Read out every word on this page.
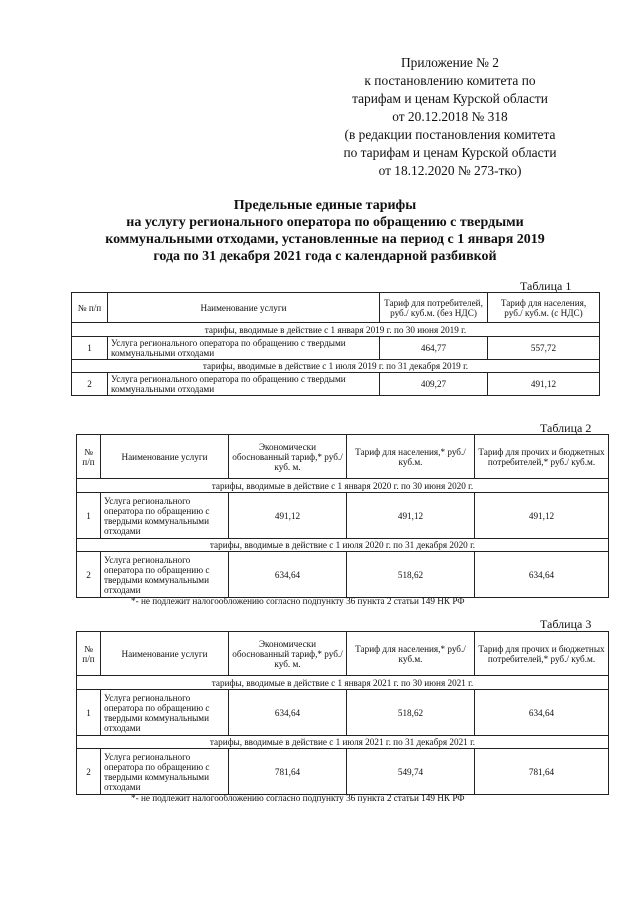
Приложение № 2
к постановлению комитета по
тарифам и ценам Курской области
от 20.12.2018 № 318
(в редакции постановления комитета
по тарифам и ценам Курской области
от 18.12.2020 № 273-тко)
Предельные единые тарифы
на услугу регионального оператора по обращению с твердыми
коммунальными отходами, установленные на период с 1 января 2019
года по 31 декабря 2021 года с календарной разбивкой
Таблица 1
№ п/п	Наименование услуги	Тариф для потребителей, руб./ куб.м. (без НДС)	Тариф для населения, руб./ куб.м. (с НДС)
тарифы, вводимые в действие с 1 января 2019 г. по 30 июня 2019 г.			
1	Услуга регионального оператора по обращению с твердыми коммунальными отходами	464,77	557,72
тарифы, вводимые в действие с 1 июля 2019 г. по 31 декабря 2019 г.			
2	Услуга регионального оператора по обращению с твердыми коммунальными отходами	409,27	491,12
Таблица 2
№ п/п	Наименование услуги	Экономически обоснованный тариф,* руб./ куб. м.	Тариф для населения,* руб./ куб.м.	Тариф для прочих и бюджетных потребителей,* руб./ куб.м.
тарифы, вводимые в действие с 1 января 2020 г. по 30 июня 2020 г.				
1	Услуга регионального оператора по обращению с твердыми коммунальными отходами	491,12	491,12	491,12
тарифы, вводимые в действие с 1 июля 2020 г. по 31 декабря 2020 г.				
2	Услуга регионального оператора по обращению с твердыми коммунальными отходами	634,64	518,62	634,64
*- не подлежит налогообложению согласно подпункту 36 пункта 2 статьи 149 НК РФ
Таблица 3
№ п/п	Наименование услуги	Экономически обоснованный тариф,* руб./ куб. м.	Тариф для населения,* руб./ куб.м.	Тариф для прочих и бюджетных потребителей,* руб./ куб.м.
тарифы, вводимые в действие с 1 января 2021 г. по 30 июня 2021 г.				
1	Услуга регионального оператора по обращению с твердыми коммунальными отходами	634,64	518,62	634,64
тарифы, вводимые в действие с 1 июля 2021 г. по 31 декабря 2021 г.				
2	Услуга регионального оператора по обращению с твердыми коммунальными отходами	781,64	549,74	781,64
*- не подлежит налогообложению согласно подпункту 36 пункта 2 статьи 149 НК РФ
